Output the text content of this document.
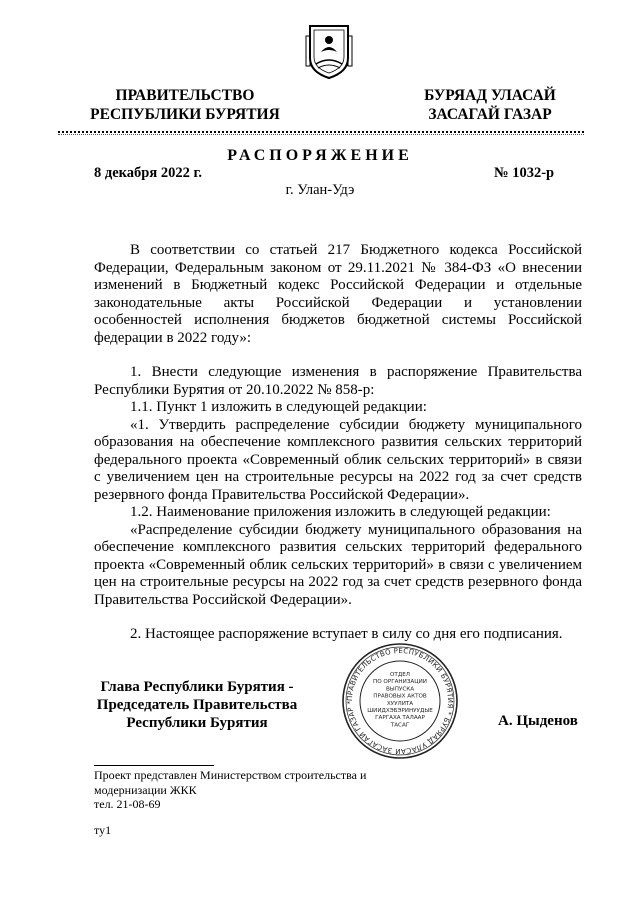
ПРАВИТЕЛЬСТВО
РЕСПУБЛИКИ БУРЯТИЯ
БУРЯАД УЛАСАЙ
ЗАСАГАЙ ГАЗАР
РАСПОРЯЖЕНИЕ
8 декабря 2022 г.	№ 1032-р
г. Улан-Удэ

В соответствии со статьей 217 Бюджетного кодекса Российской Федерации, Федеральным законом от 29.11.2021 № 384-ФЗ «О внесении изменений в Бюджетный кодекс Российской Федерации и отдельные законодательные акты Российской Федерации и установлении особенностей исполнения бюджетов бюджетной системы Российской федерации в 2022 году»:

1. Внести следующие изменения в распоряжение Правительства Республики Бурятия от 20.10.2022 № 858-р:

1.1. Пункт 1 изложить в следующей редакции:

«1. Утвердить распределение субсидии бюджету муниципального образования на обеспечение комплексного развития сельских территорий федерального проекта «Современный облик сельских территорий» в связи с увеличением цен на строительные ресурсы на 2022 год за счет средств резервного фонда Правительства Российской Федерации».

1.2. Наименование приложения изложить в следующей редакции:

«Распределение субсидии бюджету муниципального образования на обеспечение комплексного развития сельских территорий федерального проекта «Современный облик сельских территорий» в связи с увеличением цен на строительные ресурсы на 2022 год за счет средств резервного фонда Правительства Российской Федерации».

2. Настоящее распоряжение вступает в силу со дня его подписания.

Глава Республики Бурятия -
Председатель Правительства
Республики Бурятия
ПРАВИТЕЛЬСТВО РЕСПУБЛИКИ БУРЯТИЯ * БУРЯАД УЛАСАЙ ЗАСАГАЙ ГАЗАР *
ОТДЕЛ
ПО ОРГАНИЗАЦИИ
ВЫПУСКА
ПРАВОВЫХ АКТОВ
ХУУЛИТА
ШИИДХЭБЭРИНУУДЫЕ
ГАРГАХА ТАЛААР
ТАСАГ	А. Цыденов
Проект представлен Министерством строительства и
модернизации ЖКК
тел. 21-08-69
ту1
